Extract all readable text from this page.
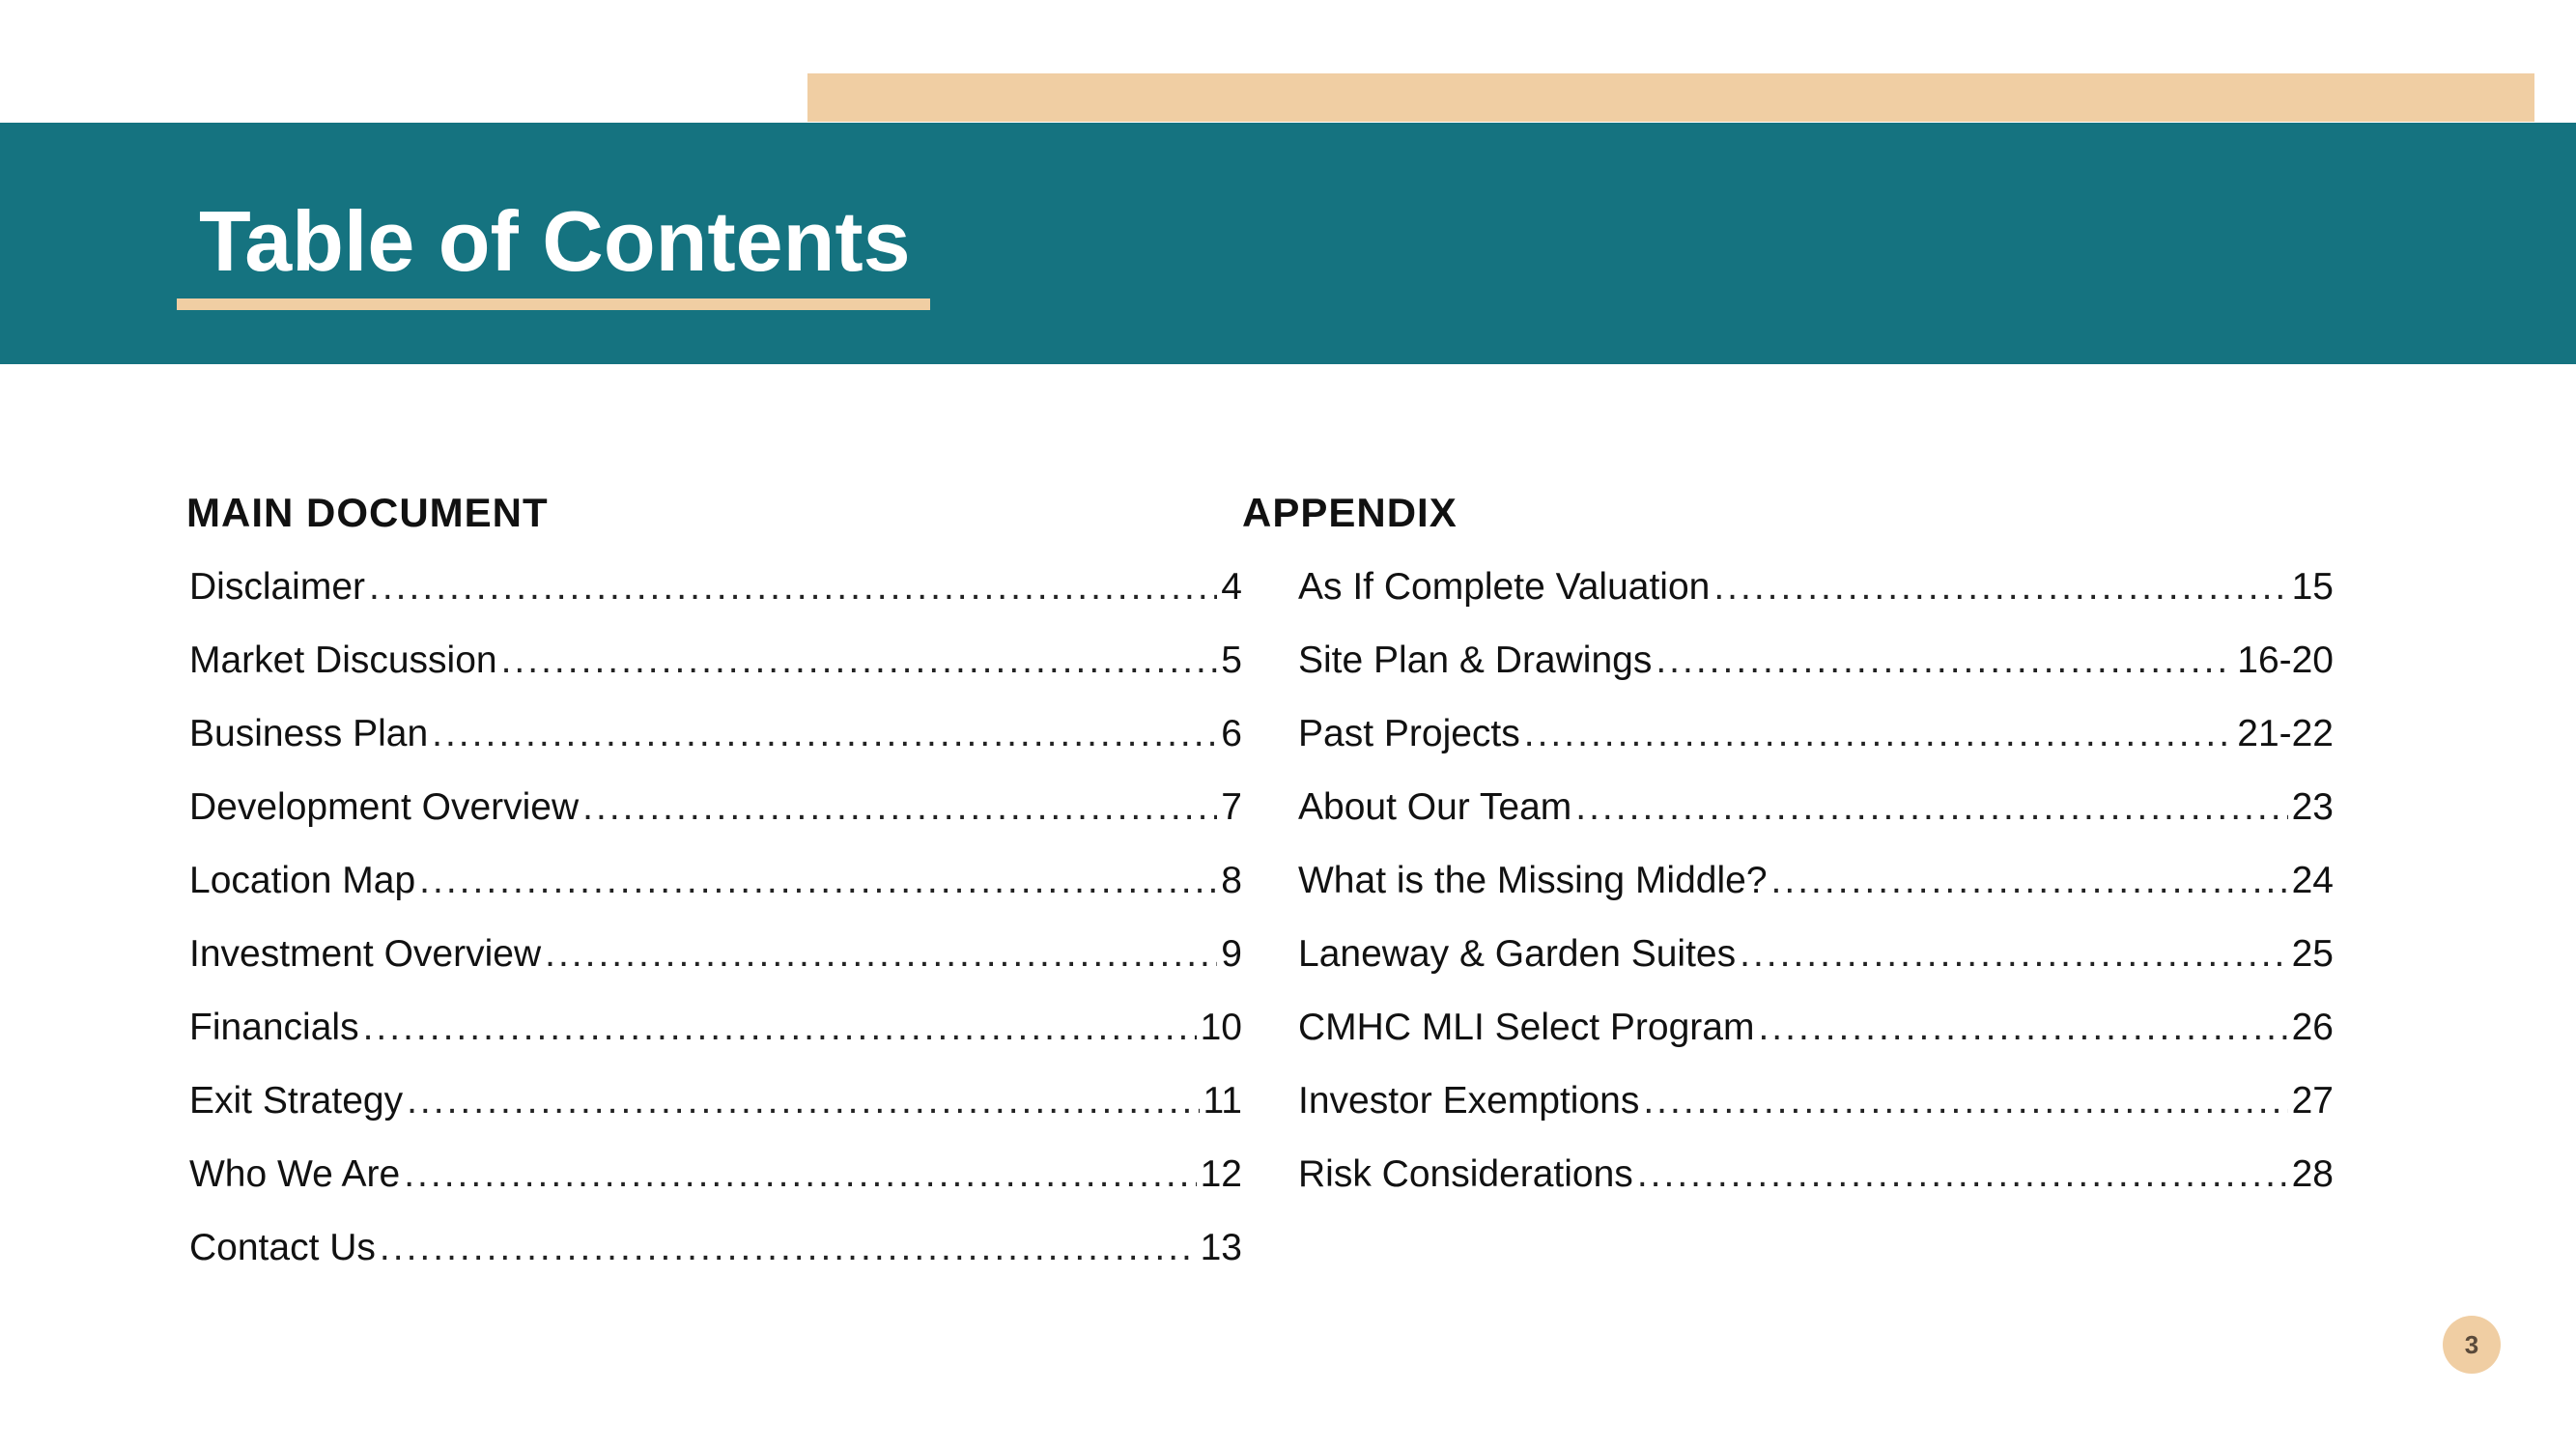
Table of Contents
MAIN DOCUMENT	APPENDIX
Disclaimer .....	4
Market Discussion .....	5
Business Plan .....	6
Development Overview .....	7
Location Map .....	8
Investment Overview .....	9
Financials .....	10
Exit Strategy .....	11
Who We Are .....	12
Contact Us .....	13
As If Complete Valuation .....	15
Site Plan & Drawings .....	16-20
Past Projects .....	21-22
About Our Team .....	23
What is the Missing Middle? .....	24
Laneway & Garden Suites .....	25
CMHC MLI Select Program .....	26
Investor Exemptions .....	27
Risk Considerations .....	28
3
